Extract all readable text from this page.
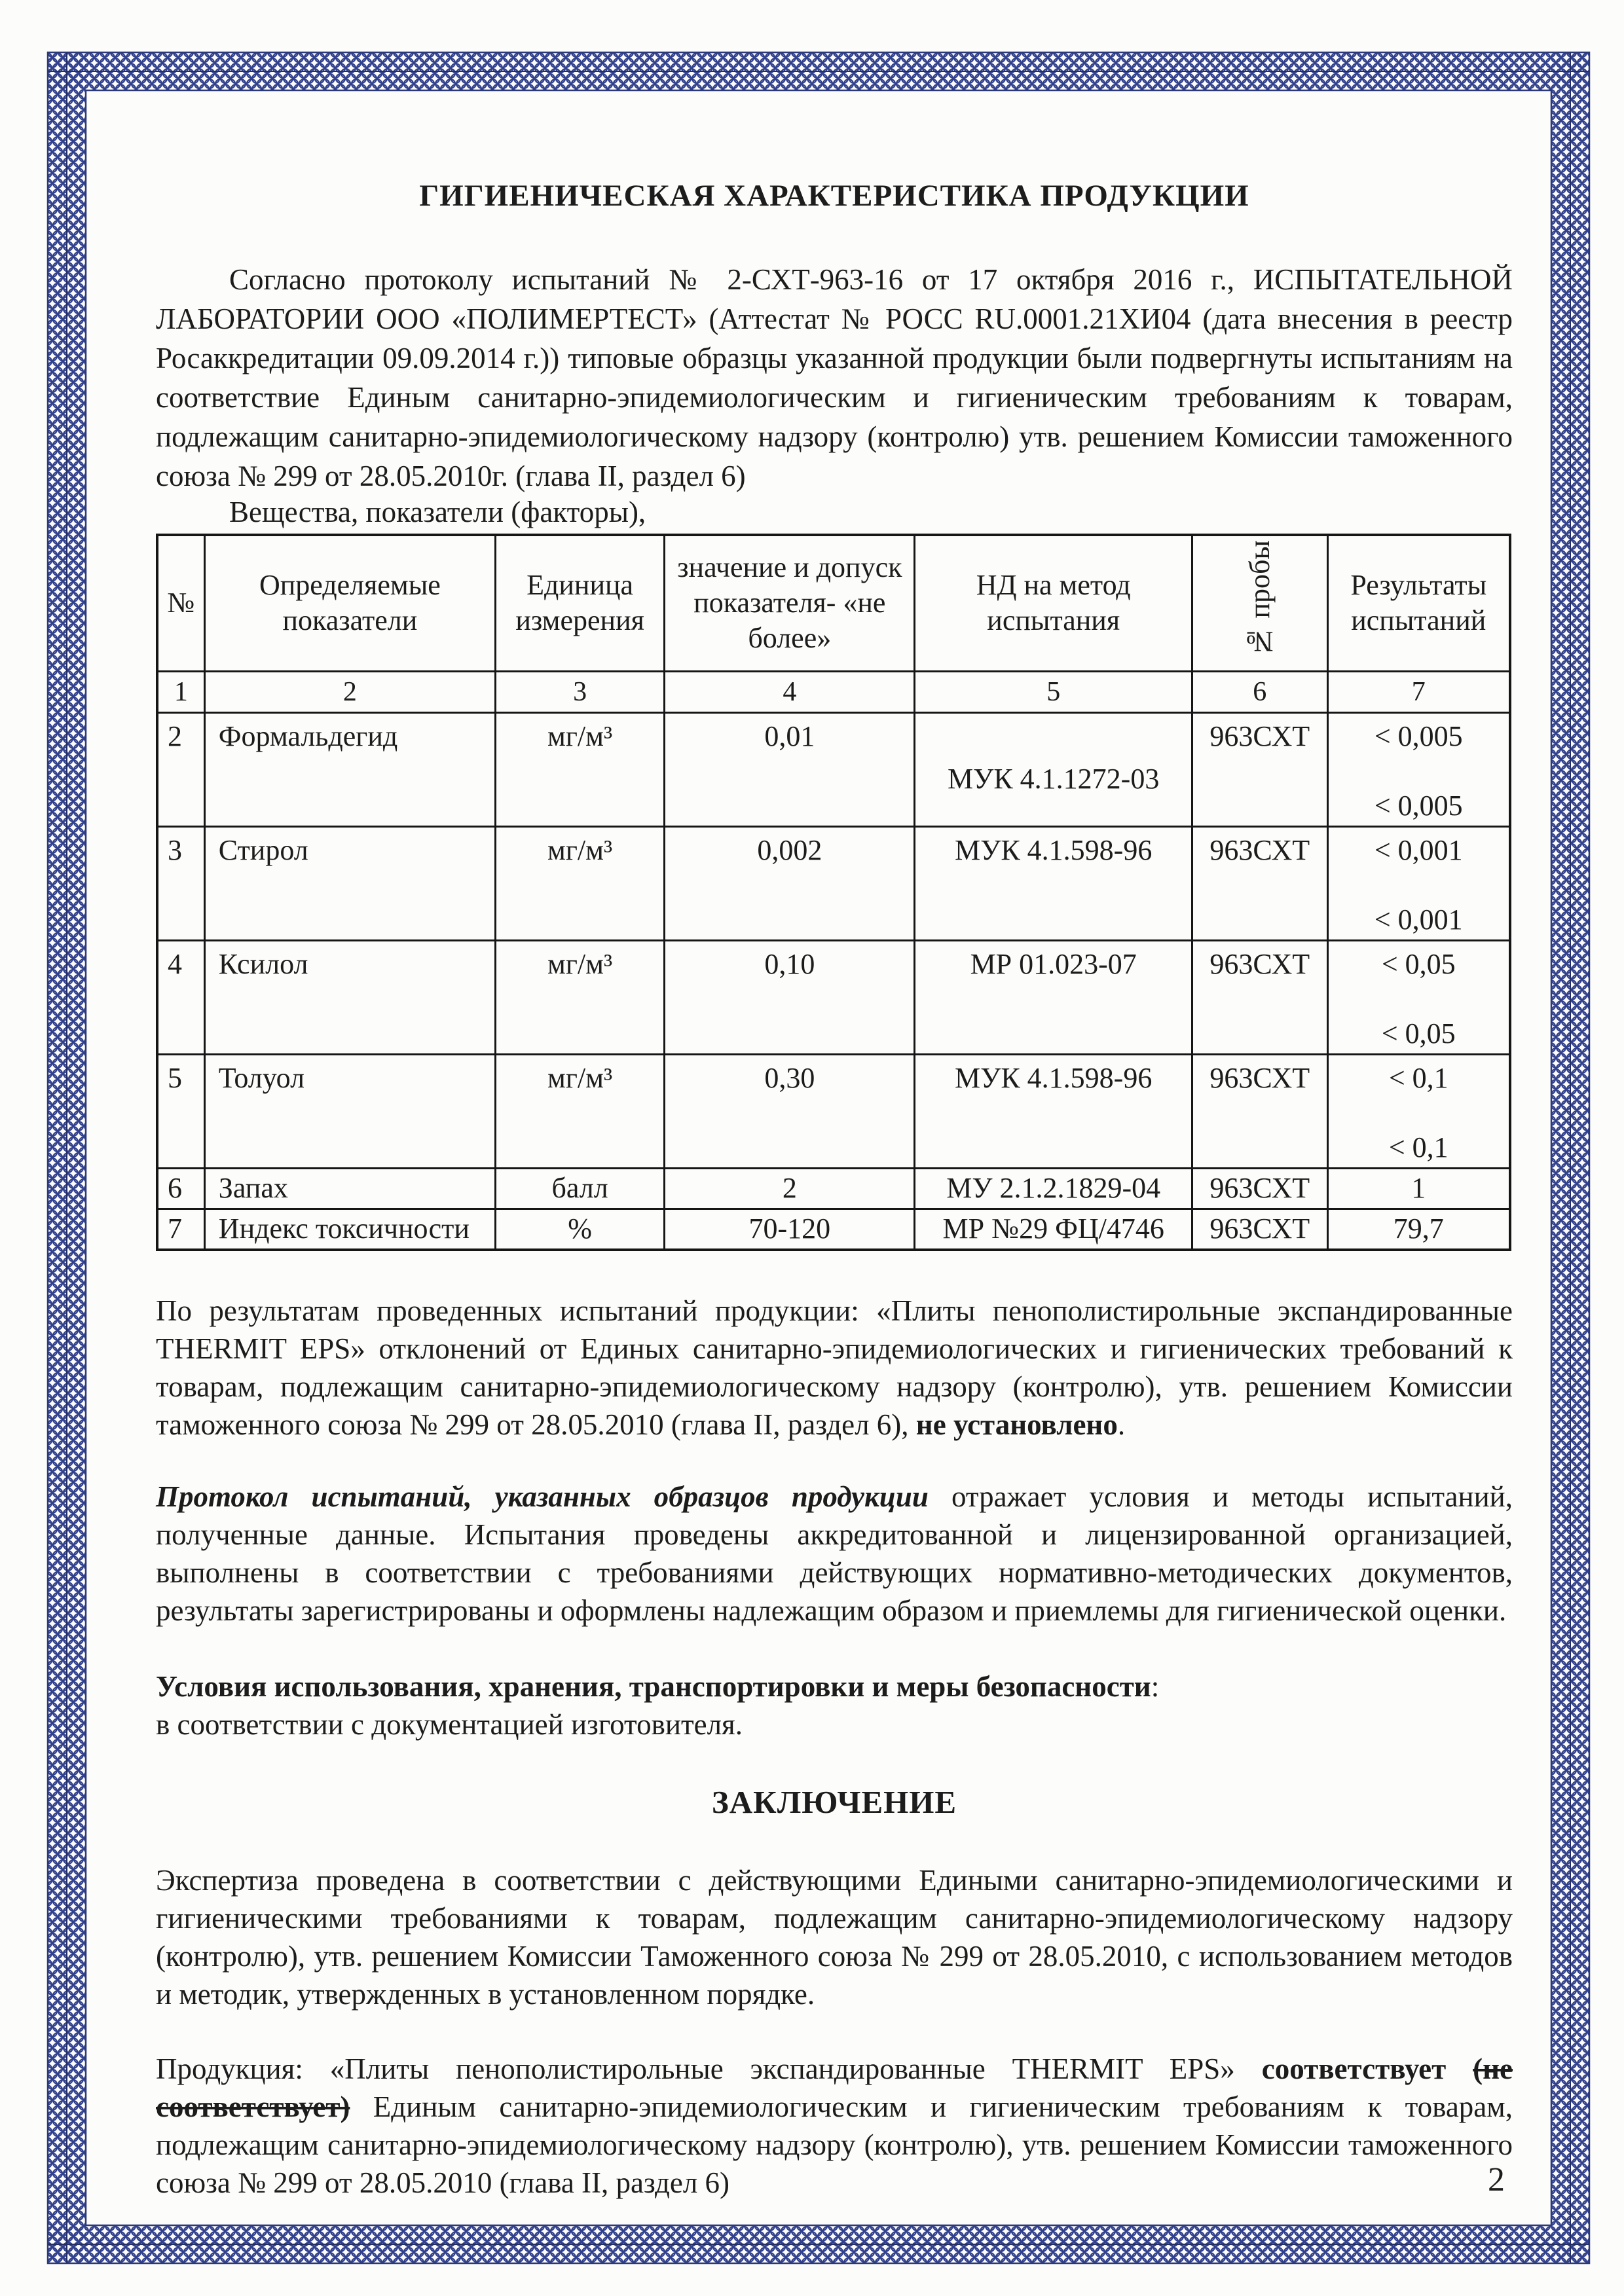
ГИГИЕНИЧЕСКАЯ ХАРАКТЕРИСТИКА ПРОДУКЦИИ

Согласно протоколу испытаний № 2-СХТ-963-16 от 17 октября 2016 г., ИСПЫТАТЕЛЬНОЙ ЛАБОРАТОРИИ ООО «ПОЛИМЕРТЕСТ» (Аттестат № РОСС RU.0001.21ХИ04 (дата внесения в реестр Росаккредитации 09.09.2014 г.)) типовые образцы указанной продукции были подвергнуты испытаниям на соответствие Единым санитарно-эпидемиологическим и гигиеническим требованиям к товарам, подлежащим санитарно-эпидемиологическому надзору (контролю) утв. решением Комиссии таможенного союза № 299 от 28.05.2010г. (глава II, раздел 6)

Вещества, показатели (факторы),

№	Определяемые показатели	Единица измерения	значение и допуск показателя- «не более»	НД на метод испытания	№ пробы	Результаты испытаний
1	2	3	4	5	6	7
2	Формальдегид	мг/м³	0,01	МУК 4.1.1272-03	963СХТ	< 0,005
< 0,005

3	Стирол	мг/м³	0,002	МУК 4.1.598-96	963СХТ	< 0,001
< 0,001

4	Ксилол	мг/м³	0,10	МР 01.023-07	963СХТ	< 0,05
< 0,05

5	Толуол	мг/м³	0,30	МУК 4.1.598-96	963СХТ	< 0,1
< 0,1

6	Запах	балл	2	МУ 2.1.2.1829-04	963СХТ	1
7	Индекс токсичности	%	70-120	МР №29 ФЦ/4746	963СХТ	79,7

По результатам проведенных испытаний продукции: «Плиты пенополистирольные экспандированные THERMIT EPS» отклонений от Единых санитарно-эпидемиологических и гигиенических требований к товарам, подлежащим санитарно-эпидемиологическому надзору (контролю), утв. решением Комиссии таможенного союза № 299 от 28.05.2010 (глава II, раздел 6), не установлено.

Протокол испытаний, указанных образцов продукции отражает условия и методы испытаний, полученные данные. Испытания проведены аккредитованной и лицензированной организацией, выполнены в соответствии с требованиями действующих нормативно-методических документов, результаты зарегистрированы и оформлены надлежащим образом и приемлемы для гигиенической оценки.

Условия использования, хранения, транспортировки и меры безопасности:
в соответствии с документацией изготовителя.

ЗАКЛЮЧЕНИЕ

Экспертиза проведена в соответствии с действующими Едиными санитарно-эпидемиологическими и гигиеническими требованиями к товарам, подлежащим санитарно-эпидемиологическому надзору (контролю), утв. решением Комиссии Таможенного союза № 299 от 28.05.2010, с использованием методов и методик, утвержденных в установленном порядке.

Продукция: «Плиты пенополистирольные экспандированные THERMIT EPS» соответствует (не соответствует) Единым санитарно-эпидемиологическим и гигиеническим требованиям к товарам, подлежащим санитарно-эпидемиологическому надзору (контролю), утв. решением Комиссии таможенного союза № 299 от 28.05.2010 (глава II, раздел 6)	2
